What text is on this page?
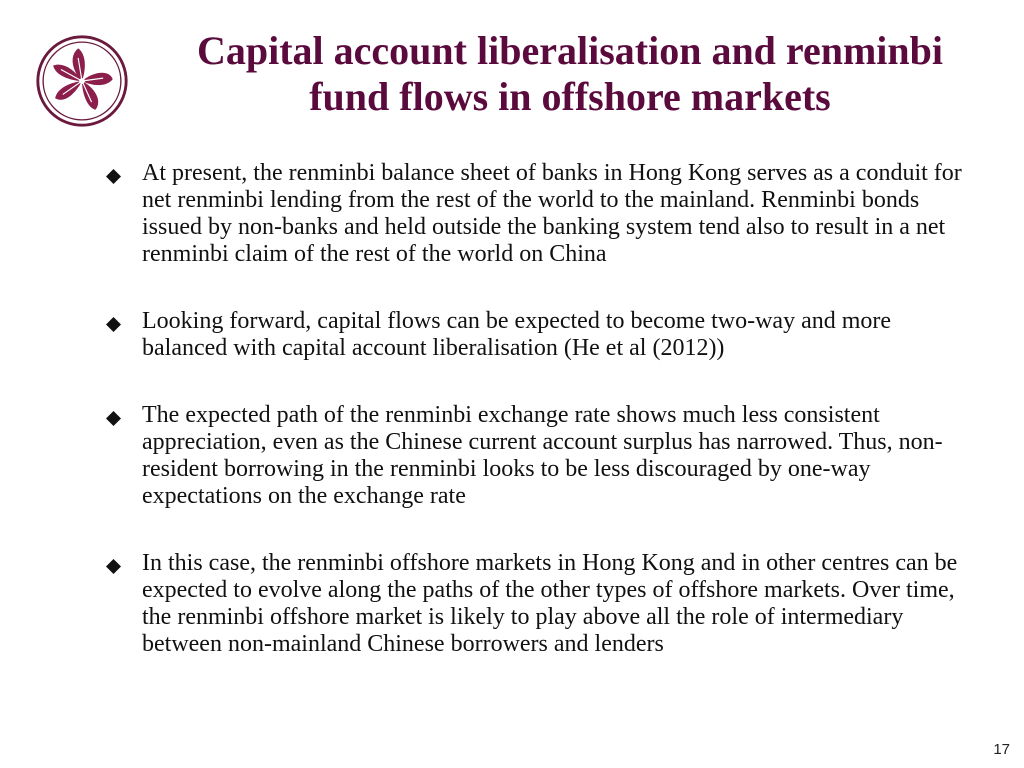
Capital account liberalisation and renminbi
fund flows in offshore markets
At present, the renminbi balance sheet of banks in Hong Kong serves as a conduit for net renminbi lending from the rest of the world to the mainland. Renminbi bonds issued by non-banks and held outside the banking system tend also to result in a net renminbi claim of the rest of the world on China
Looking forward, capital flows can be expected to become two-way and more balanced with capital account liberalisation (He et al (2012))
The expected path of the renminbi exchange rate shows much less consistent appreciation, even as the Chinese current account surplus has narrowed. Thus, non-resident borrowing in the renminbi looks to be less discouraged by one-way expectations on the exchange rate
In this case, the renminbi offshore markets in Hong Kong and in other centres can be expected to evolve along the paths of the other types of offshore markets. Over time, the renminbi offshore market is likely to play above all the role of intermediary between non-mainland Chinese borrowers and lenders
17
